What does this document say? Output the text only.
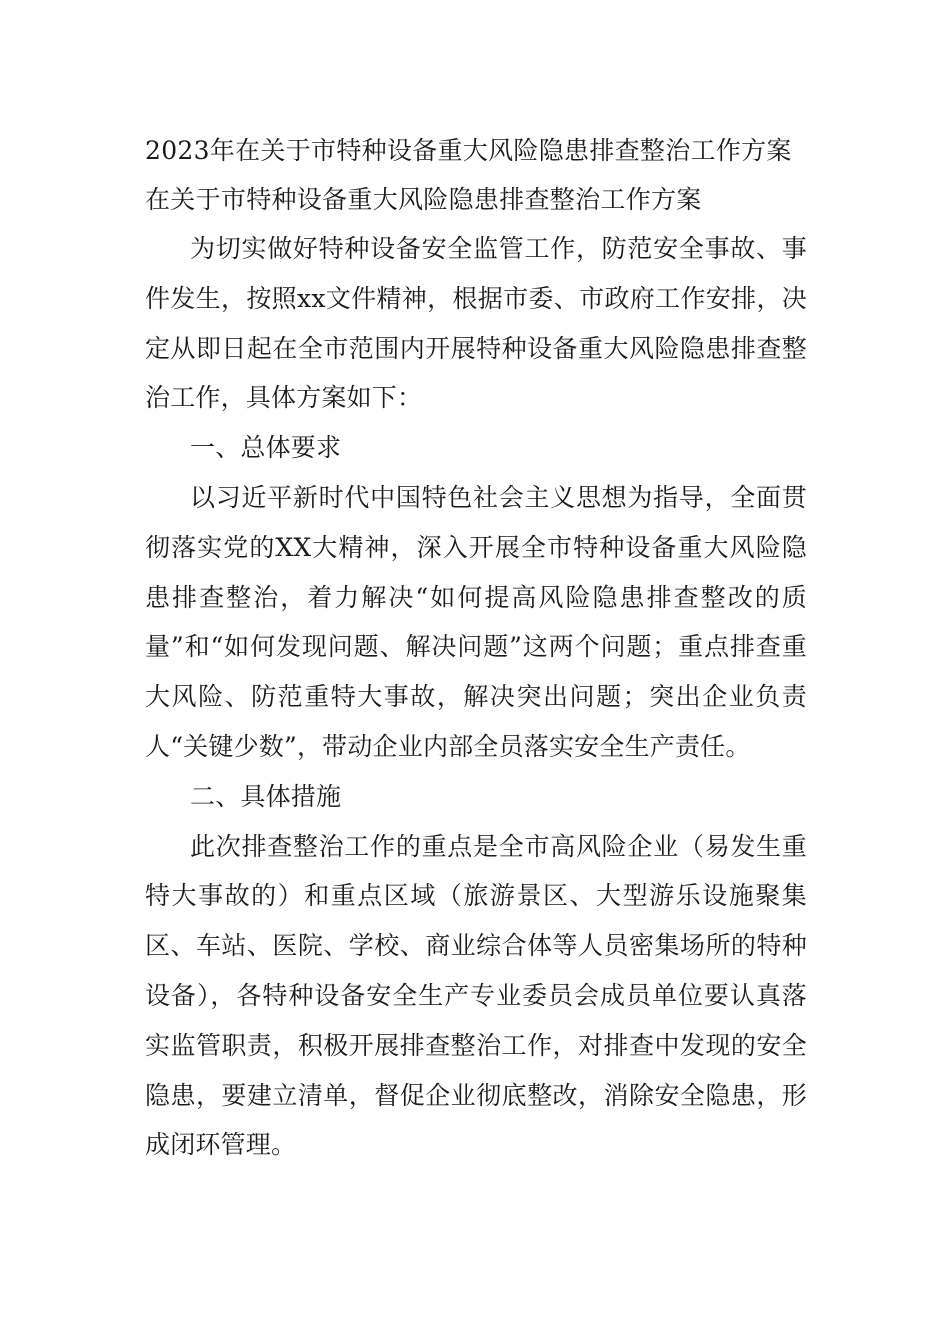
2023年在关于市特种设备重大风险隐患排查整治工作方案

在关于市特种设备重大风险隐患排查整治工作方案

为切实做好特种设备安全监管工作，防范安全事故、事件发生，按照xx文件精神，根据市委、市政府工作安排，决定从即日起在全市范围内开展特种设备重大风险隐患排查整治工作，具体方案如下：

一、总体要求

以习近平新时代中国特色社会主义思想为指导，全面贯彻落实党的XX大精神，深入开展全市特种设备重大风险隐患排查整治，着力解决“如何提高风险隐患排查整改的质量”和“如何发现问题、解决问题”这两个问题；重点排查重大风险、防范重特大事故，解决突出问题；突出企业负责人“关键少数”，带动企业内部全员落实安全生产责任。

二、具体措施

此次排查整治工作的重点是全市高风险企业（易发生重特大事故的）和重点区域（旅游景区、大型游乐设施聚集区、车站、医院、学校、商业综合体等人员密集场所的特种设备），各特种设备安全生产专业委员会成员单位要认真落实监管职责，积极开展排查整治工作，对排查中发现的安全隐患，要建立清单，督促企业彻底整改，消除安全隐患，形成闭环管理。
